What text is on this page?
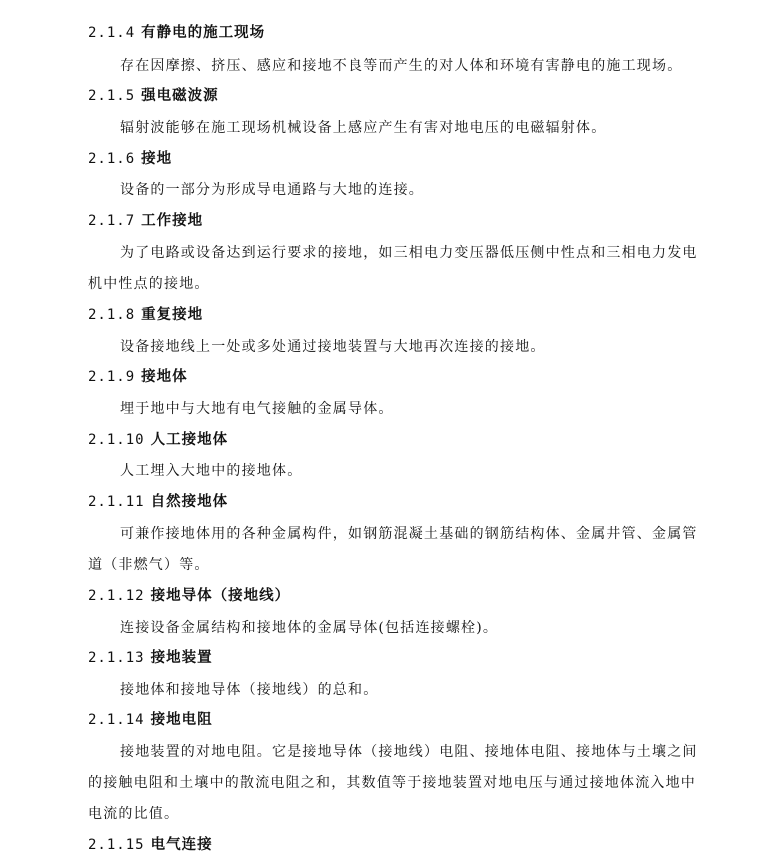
2.1.4 有静电的施工现场
存在因摩擦、挤压、感应和接地不良等而产生的对人体和环境有害静电的施工现场。
2.1.5 强电磁波源
辐射波能够在施工现场机械设备上感应产生有害对地电压的电磁辐射体。
2.1.6 接地
设备的一部分为形成导电通路与大地的连接。
2.1.7 工作接地
为了电路或设备达到运行要求的接地，如三相电力变压器低压侧中性点和三相电力发电
机中性点的接地。
2.1.8 重复接地
设备接地线上一处或多处通过接地装置与大地再次连接的接地。
2.1.9 接地体
埋于地中与大地有电气接触的金属导体。
2.1.10 人工接地体
人工埋入大地中的接地体。
2.1.11 自然接地体
可兼作接地体用的各种金属构件，如钢筋混凝土基础的钢筋结构体、金属井管、金属管
道（非燃气）等。
2.1.12 接地导体（接地线）
连接设备金属结构和接地体的金属导体(包括连接螺栓)。
2.1.13 接地装置
接地体和接地导体（接地线）的总和。
2.1.14 接地电阻
接地装置的对地电阻。它是接地导体（接地线）电阻、接地体电阻、接地体与土壤之间
的接触电阻和土壤中的散流电阻之和，其数值等于接地装置对地电压与通过接地体流入地中
电流的比值。
2.1.15 电气连接
